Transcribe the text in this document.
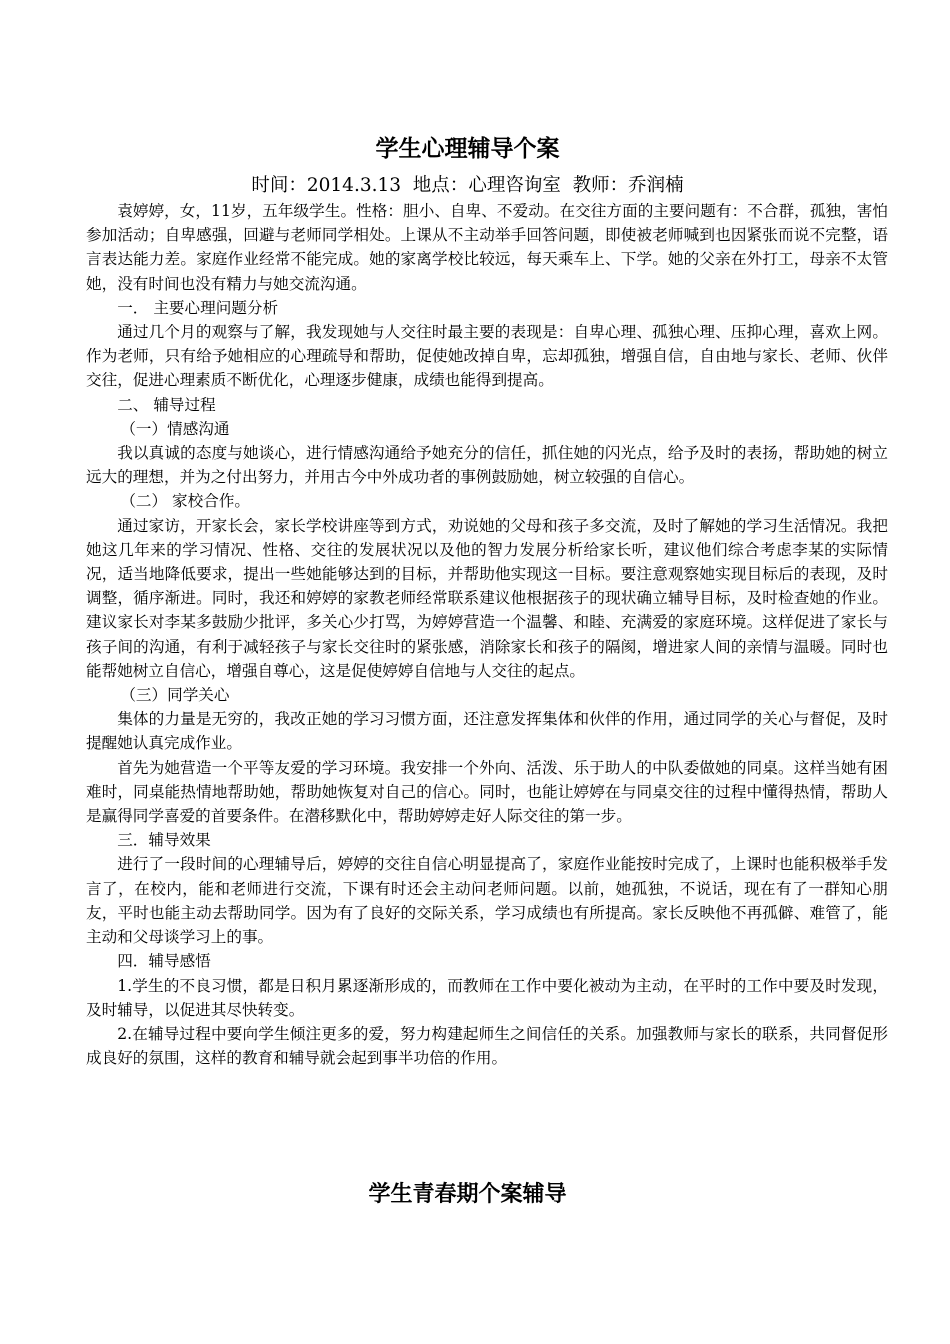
学生心理辅导个案
时间：2014.3.13 地点：心理咨询室 教师：乔润楠

袁婷婷，女，11岁，五年级学生。性格：胆小、自卑、不爱动。在交往方面的主要问题有：不合群，孤独，害怕参加活动；自卑感强，回避与老师同学相处。上课从不主动举手回答问题，即使被老师喊到也因紧张而说不完整，语言表达能力差。家庭作业经常不能完成。她的家离学校比较远，每天乘车上、下学。她的父亲在外打工，母亲不太管她，没有时间也没有精力与她交流沟通。

一． 主要心理问题分析

通过几个月的观察与了解，我发现她与人交往时最主要的表现是：自卑心理、孤独心理、压抑心理，喜欢上网。作为老师，只有给予她相应的心理疏导和帮助，促使她改掉自卑，忘却孤独，增强自信，自由地与家长、老师、伙伴交往，促进心理素质不断优化，心理逐步健康，成绩也能得到提高。

二、 辅导过程

（一）情感沟通

我以真诚的态度与她谈心，进行情感沟通给予她充分的信任，抓住她的闪光点，给予及时的表扬，帮助她的树立远大的理想，并为之付出努力，并用古今中外成功者的事例鼓励她，树立较强的自信心。

（二） 家校合作。

通过家访，开家长会，家长学校讲座等到方式，劝说她的父母和孩子多交流，及时了解她的学习生活情况。我把她这几年来的学习情况、性格、交往的发展状况以及他的智力发展分析给家长听，建议他们综合考虑李某的实际情况，适当地降低要求，提出一些她能够达到的目标，并帮助他实现这一目标。要注意观察她实现目标后的表现，及时调整，循序渐进。同时，我还和婷婷的家教老师经常联系建议他根据孩子的现状确立辅导目标，及时检查她的作业。建议家长对李某多鼓励少批评，多关心少打骂，为婷婷营造一个温馨、和睦、充满爱的家庭环境。这样促进了家长与孩子间的沟通，有利于减轻孩子与家长交往时的紧张感，消除家长和孩子的隔阂，增进家人间的亲情与温暖。同时也能帮她树立自信心，增强自尊心，这是促使婷婷自信地与人交往的起点。

（三）同学关心

集体的力量是无穷的，我改正她的学习习惯方面，还注意发挥集体和伙伴的作用，通过同学的关心与督促，及时提醒她认真完成作业。

首先为她营造一个平等友爱的学习环境。我安排一个外向、活泼、乐于助人的中队委做她的同桌。这样当她有困难时，同桌能热情地帮助她，帮助她恢复对自己的信心。同时，也能让婷婷在与同桌交往的过程中懂得热情，帮助人是赢得同学喜爱的首要条件。在潜移默化中，帮助婷婷走好人际交往的第一步。

三．辅导效果

进行了一段时间的心理辅导后，婷婷的交往自信心明显提高了，家庭作业能按时完成了，上课时也能积极举手发言了，在校内，能和老师进行交流，下课有时还会主动问老师问题。以前，她孤独，不说话，现在有了一群知心朋友，平时也能主动去帮助同学。因为有了良好的交际关系，学习成绩也有所提高。家长反映他不再孤僻、难管了，能主动和父母谈学习上的事。

四．辅导感悟

1.学生的不良习惯，都是日积月累逐渐形成的，而教师在工作中要化被动为主动，在平时的工作中要及时发现，及时辅导，以促进其尽快转变。

2.在辅导过程中要向学生倾注更多的爱，努力构建起师生之间信任的关系。加强教师与家长的联系，共同督促形成良好的氛围，这样的教育和辅导就会起到事半功倍的作用。

学生青春期个案辅导
